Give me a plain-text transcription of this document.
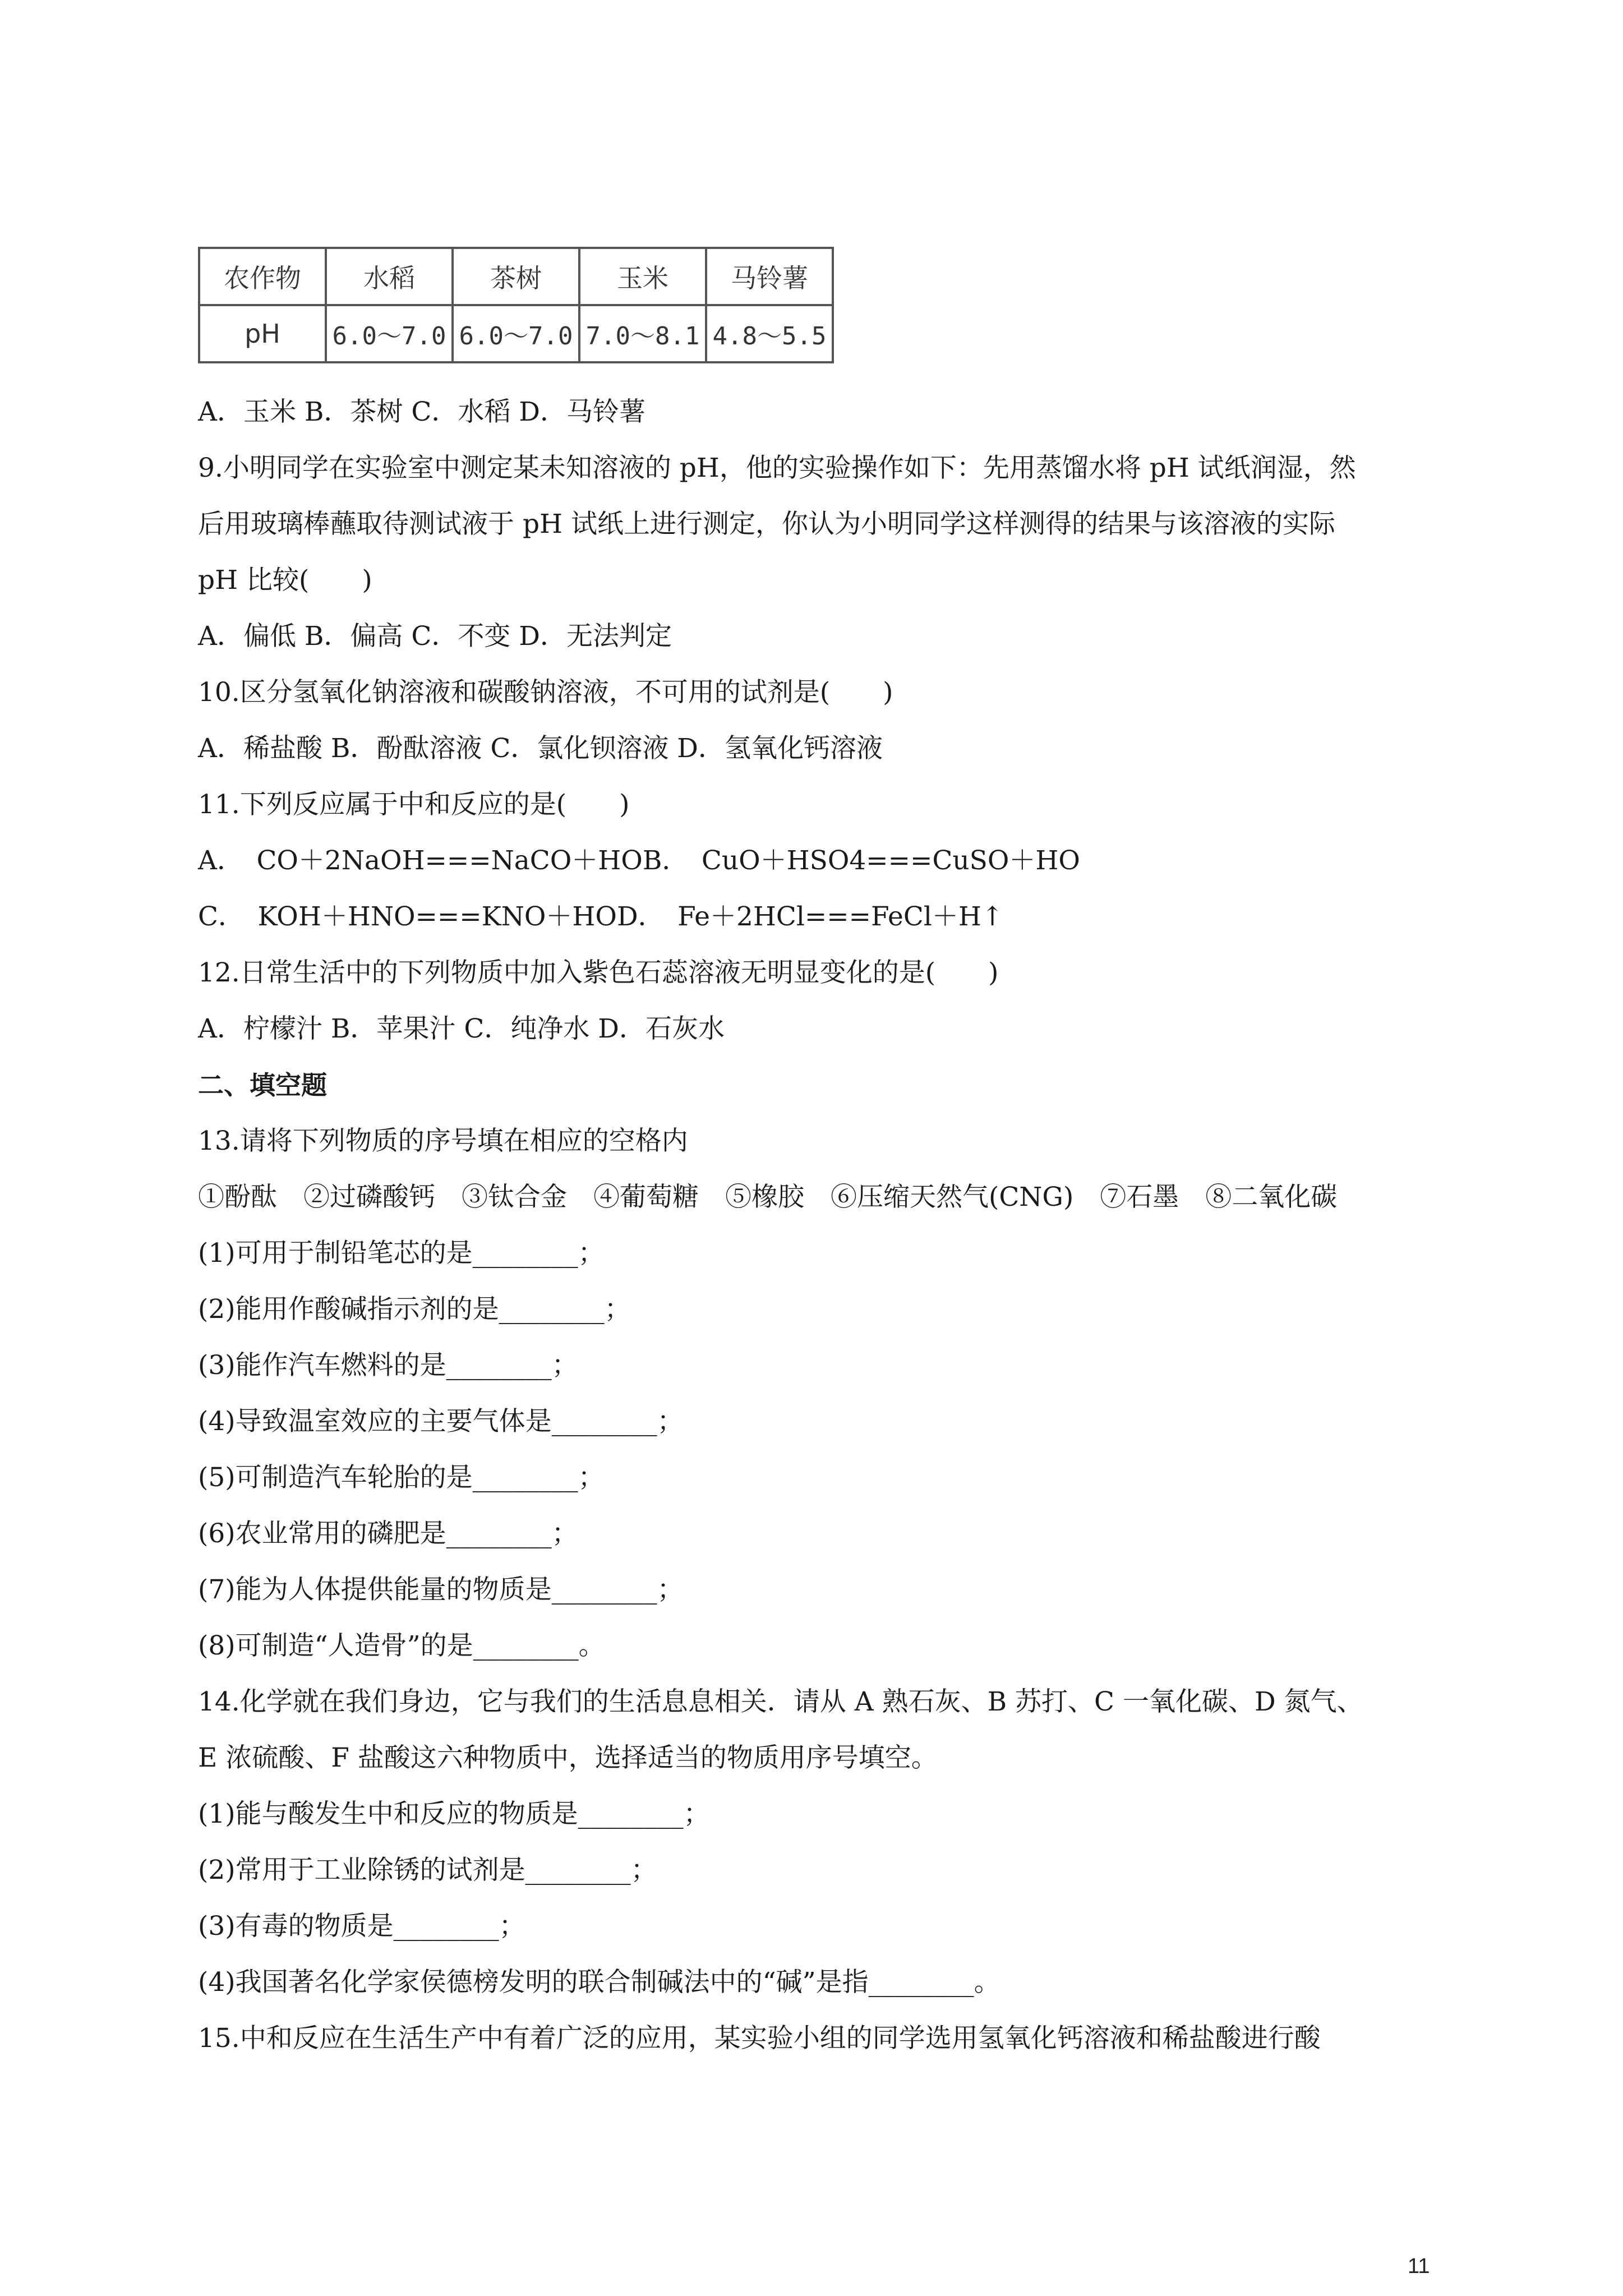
农作物	水稻	茶树	玉米	马铃薯
pH	6.0～7.0	6.0～7.0	7.0～8.1	4.8～5.5
A．玉米 B．茶树 C．水稻 D．马铃薯
9.小明同学在实验室中测定某未知溶液的 pH，他的实验操作如下：先用蒸馏水将 pH 试纸润湿，然
后用玻璃棒蘸取待测试液于 pH 试纸上进行测定，你认为小明同学这样测得的结果与该溶液的实际
pH 比较(　　)
A．偏低 B．偏高 C．不变 D．无法判定
10.区分氢氧化钠溶液和碳酸钠溶液，不可用的试剂是(　　)
A．稀盐酸 B．酚酞溶液 C．氯化钡溶液 D．氢氧化钙溶液
11.下列反应属于中和反应的是(　　)
A．　CO＋2NaOH===NaCO＋HOB．　CuO＋HSO4===CuSO＋HO
C．　KOH＋HNO===KNO＋HOD．　Fe＋2HCl===FeCl＋H↑
12.日常生活中的下列物质中加入紫色石蕊溶液无明显变化的是(　　)
A．柠檬汁 B．苹果汁 C．纯净水 D．石灰水
二、填空题
13.请将下列物质的序号填在相应的空格内
①酚酞　②过磷酸钙　③钛合金　④葡萄糖　⑤橡胶　⑥压缩天然气(CNG)　⑦石墨　⑧二氧化碳
(1)可用于制铅笔芯的是________；
(2)能用作酸碱指示剂的是________；
(3)能作汽车燃料的是________；
(4)导致温室效应的主要气体是________；
(5)可制造汽车轮胎的是________；
(6)农业常用的磷肥是________；
(7)能为人体提供能量的物质是________；
(8)可制造“人造骨”的是________。
14.化学就在我们身边，它与我们的生活息息相关．请从 A 熟石灰、B 苏打、C 一氧化碳、D 氮气、
E 浓硫酸、F 盐酸这六种物质中，选择适当的物质用序号填空。
(1)能与酸发生中和反应的物质是________；
(2)常用于工业除锈的试剂是________；
(3)有毒的物质是________；
(4)我国著名化学家侯德榜发明的联合制碱法中的“碱”是指________。
15.中和反应在生活生产中有着广泛的应用，某实验小组的同学选用氢氧化钙溶液和稀盐酸进行酸
11
